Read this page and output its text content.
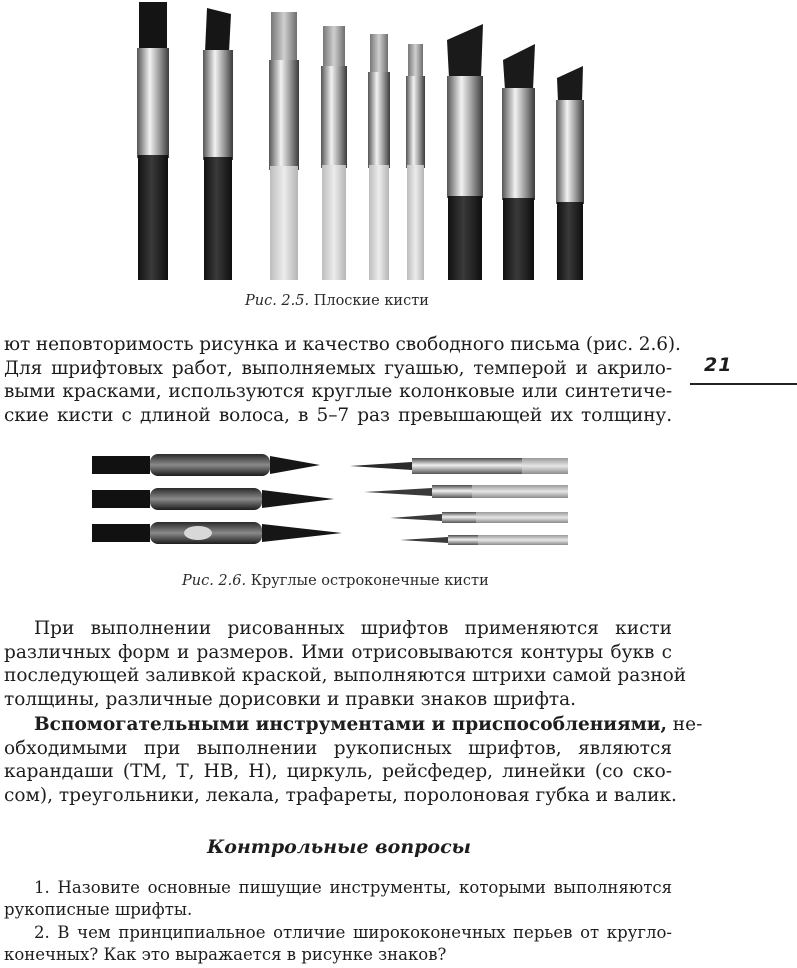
Рис. 2.5. Плоские кисти
ют неповторимость рисунка и качество свободного письма (рис. 2.6).
Для шрифтовых работ, выполняемых гуашью, темперой и акрило-
выми красками, используются круглые колонковые или синтетиче-
ские кисти с длиной волоса, в 5–7 раз превышающей их толщину.
21
Рис. 2.6. Круглые остроконечные кисти
При выполнении рисованных шрифтов применяются кисти
различных форм и размеров. Ими отрисовываются контуры букв с
последующей заливкой краской, выполняются штрихи самой разной
толщины, различные дорисовки и правки знаков шрифта.
Вспомогательными инструментами и приспособлениями, не-
обходимыми при выполнении рукописных шрифтов, являются
карандаши (ТМ, Т, НВ, Н), циркуль, рейсфедер, линейки (со ско-
сом), треугольники, лекала, трафареты, поролоновая губка и валик.
Контрольные вопросы
1. Назовите основные пишущие инструменты, которыми выполняются
рукописные шрифты.
2. В чем принципиальное отличие ширококонечных перьев от кругло-
конечных? Как это выражается в рисунке знаков?
